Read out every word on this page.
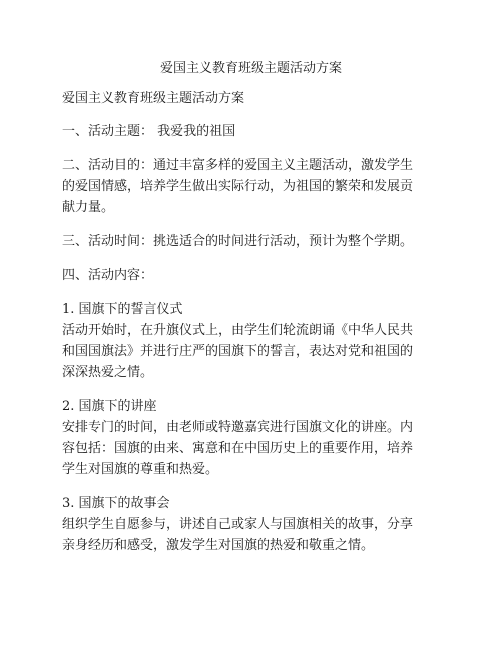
爱国主义教育班级主题活动方案
爱国主义教育班级主题活动方案
一、活动主题： 我爱我的祖国
二、活动目的：通过丰富多样的爱国主义主题活动，激发学生
的爱国情感，培养学生做出实际行动，为祖国的繁荣和发展贡
献力量。
三、活动时间：挑选适合的时间进行活动，预计为整个学期。
四、活动内容：
1. 国旗下的誓言仪式
活动开始时，在升旗仪式上，由学生们轮流朗诵《中华人民共
和国国旗法》并进行庄严的国旗下的誓言，表达对党和祖国的
深深热爱之情。
2. 国旗下的讲座
安排专门的时间，由老师或特邀嘉宾进行国旗文化的讲座。内
容包括：国旗的由来、寓意和在中国历史上的重要作用，培养
学生对国旗的尊重和热爱。
3. 国旗下的故事会
组织学生自愿参与，讲述自己或家人与国旗相关的故事，分享
亲身经历和感受，激发学生对国旗的热爱和敬重之情。
